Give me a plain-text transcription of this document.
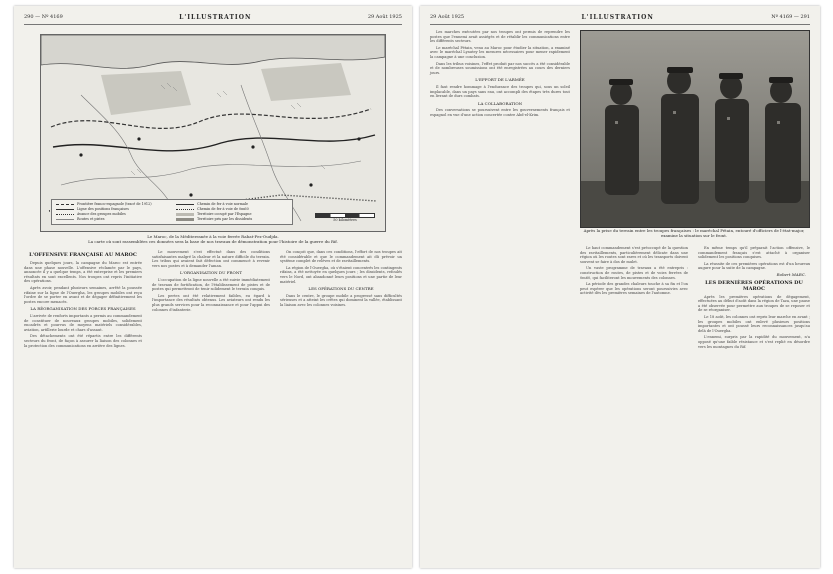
290 — Nº 4169	L'ILLUSTRATION	29 Août 1925
Frontière franco-espagnole (tracé de 1912)
Ligne des positions françaises
Avance des groupes mobiles
Routes et pistes
Chemin de fer à voie normale
Chemin de fer à voie de 0m60
Territoire occupé par l'Espagne
Territoire pris par les dissidents	50 kilomètres
Le Maroc, de la Méditerranée à la voie ferrée Rabat-Fez-Oudjda.
La carte où sont rassemblées ces données sera la base de nos travaux de démonstration pour l'histoire de la guerre du Rif.
L'OFFENSIVE FRANÇAISE AU MAROC

Depuis quelques jours, la campagne du Maroc est entrée dans une phase nouvelle. L'offensive réclamée par le pays, annoncée il y a quelque temps, a été entreprise et les premiers résultats en sont excellents. Nos troupes ont repris l'initiative des opérations.

Après avoir, pendant plusieurs semaines, arrêté la poussée rifaine sur la ligne de l'Ouergha, les groupes mobiles ont reçu l'ordre de se porter en avant et de dégager définitivement les postes encore menacés.

LA RÉORGANISATION DES FORCES FRANÇAISES

L'arrivée de renforts importants a permis au commandement de constituer de nouveaux groupes mobiles, solidement encadrés et pourvus de moyens matériels considérables, aviation, artillerie lourde et chars d'assaut.

Des détachements ont été répartis entre les différents secteurs du front, de façon à assurer la liaison des colonnes et la protection des communications en arrière des lignes.

Le mouvement s'est effectué dans des conditions satisfaisantes malgré la chaleur et la nature difficile du terrain. Les tribus qui avaient fait défection ont commencé à revenir vers nos postes et à demander l'aman.

L'ORGANISATION DU FRONT

L'occupation de la ligne nouvelle a été suivie immédiatement de travaux de fortification, de l'établissement de pistes et de postes qui permettront de tenir solidement le terrain conquis.

Les pertes ont été relativement faibles, eu égard à l'importance des résultats obtenus. Les aviateurs ont rendu les plus grands services pour la reconnaissance et pour l'appui des colonnes d'infanterie.

On conçoit que, dans ces conditions, l'effort de nos troupes ait été considérable et que le commandement ait dû prévoir un système complet de relèves et de ravitaillements.

La région de l'Ouergha, où s'étaient concentrés les contingents rifains, a été nettoyée en quelques jours ; les dissidents, refoulés vers le Nord, ont abandonné leurs positions et une partie de leur matériel.

LES OPÉRATIONS DU CENTRE

Dans le centre, le groupe mobile a progressé sans difficultés sérieuses et a atteint les crêtes qui dominent la vallée, établissant la liaison avec les colonnes voisines.

29 Août 1925	L'ILLUSTRATION	Nº 4169 — 291

Les marches exécutées par nos troupes ont permis de reprendre les postes que l'ennemi avait assiégés et de rétablir les communications entre les différents secteurs.

Le maréchal Pétain, venu au Maroc pour étudier la situation, a examiné avec le maréchal Lyautey les mesures nécessaires pour mener rapidement la campagne à une conclusion.

Dans les tribus voisines, l'effet produit par nos succès a été considérable et de nombreuses soumissions ont été enregistrées au cours des derniers jours.

L'EFFORT DE L'ARMÉE

Il faut rendre hommage à l'endurance des troupes qui, sous un soleil implacable, dans un pays sans eau, ont accompli des étapes très dures tout en livrant de durs combats.

LA COLLABORATION

Des conversations se poursuivent entre les gouvernements français et espagnol en vue d'une action concertée contre Abd-el-Krim.

Après la prise du terrain entre les troupes françaises : le maréchal Pétain, entouré d'officiers de l'état-major, examine la situation sur le front.

Le haut commandement s'est préoccupé de la question des ravitaillements, particulièrement délicate dans une région où les routes sont rares et où les transports doivent souvent se faire à dos de mulet.

Un vaste programme de travaux a été entrepris : construction de routes, de pistes et de voies ferrées de 0m60, qui faciliteront les mouvements des colonnes.

La période des grandes chaleurs touche à sa fin et l'on peut espérer que les opérations seront poursuivies avec activité dès les premières semaines de l'automne.

En même temps qu'il préparait l'action offensive, le commandement français s'est attaché à organiser solidement les positions conquises.

La réussite de ces premières opérations est d'un heureux augure pour la suite de la campagne.

Robert MARC.
LES DERNIÈRES OPÉRATIONS DU MAROC

Après les premières opérations de dégagement, effectuées au début d'août dans la région de Taza, une pause a été observée pour permettre aux troupes de se reposer et de se réorganiser.

Le 18 août, les colonnes ont repris leur marche en avant ; les groupes mobiles ont enlevé plusieurs positions importantes et ont poussé leurs reconnaissances jusqu'au delà de l'Ouergha.

L'ennemi, surpris par la rapidité du mouvement, n'a opposé qu'une faible résistance et s'est replié en désordre vers les montagnes du Rif.
